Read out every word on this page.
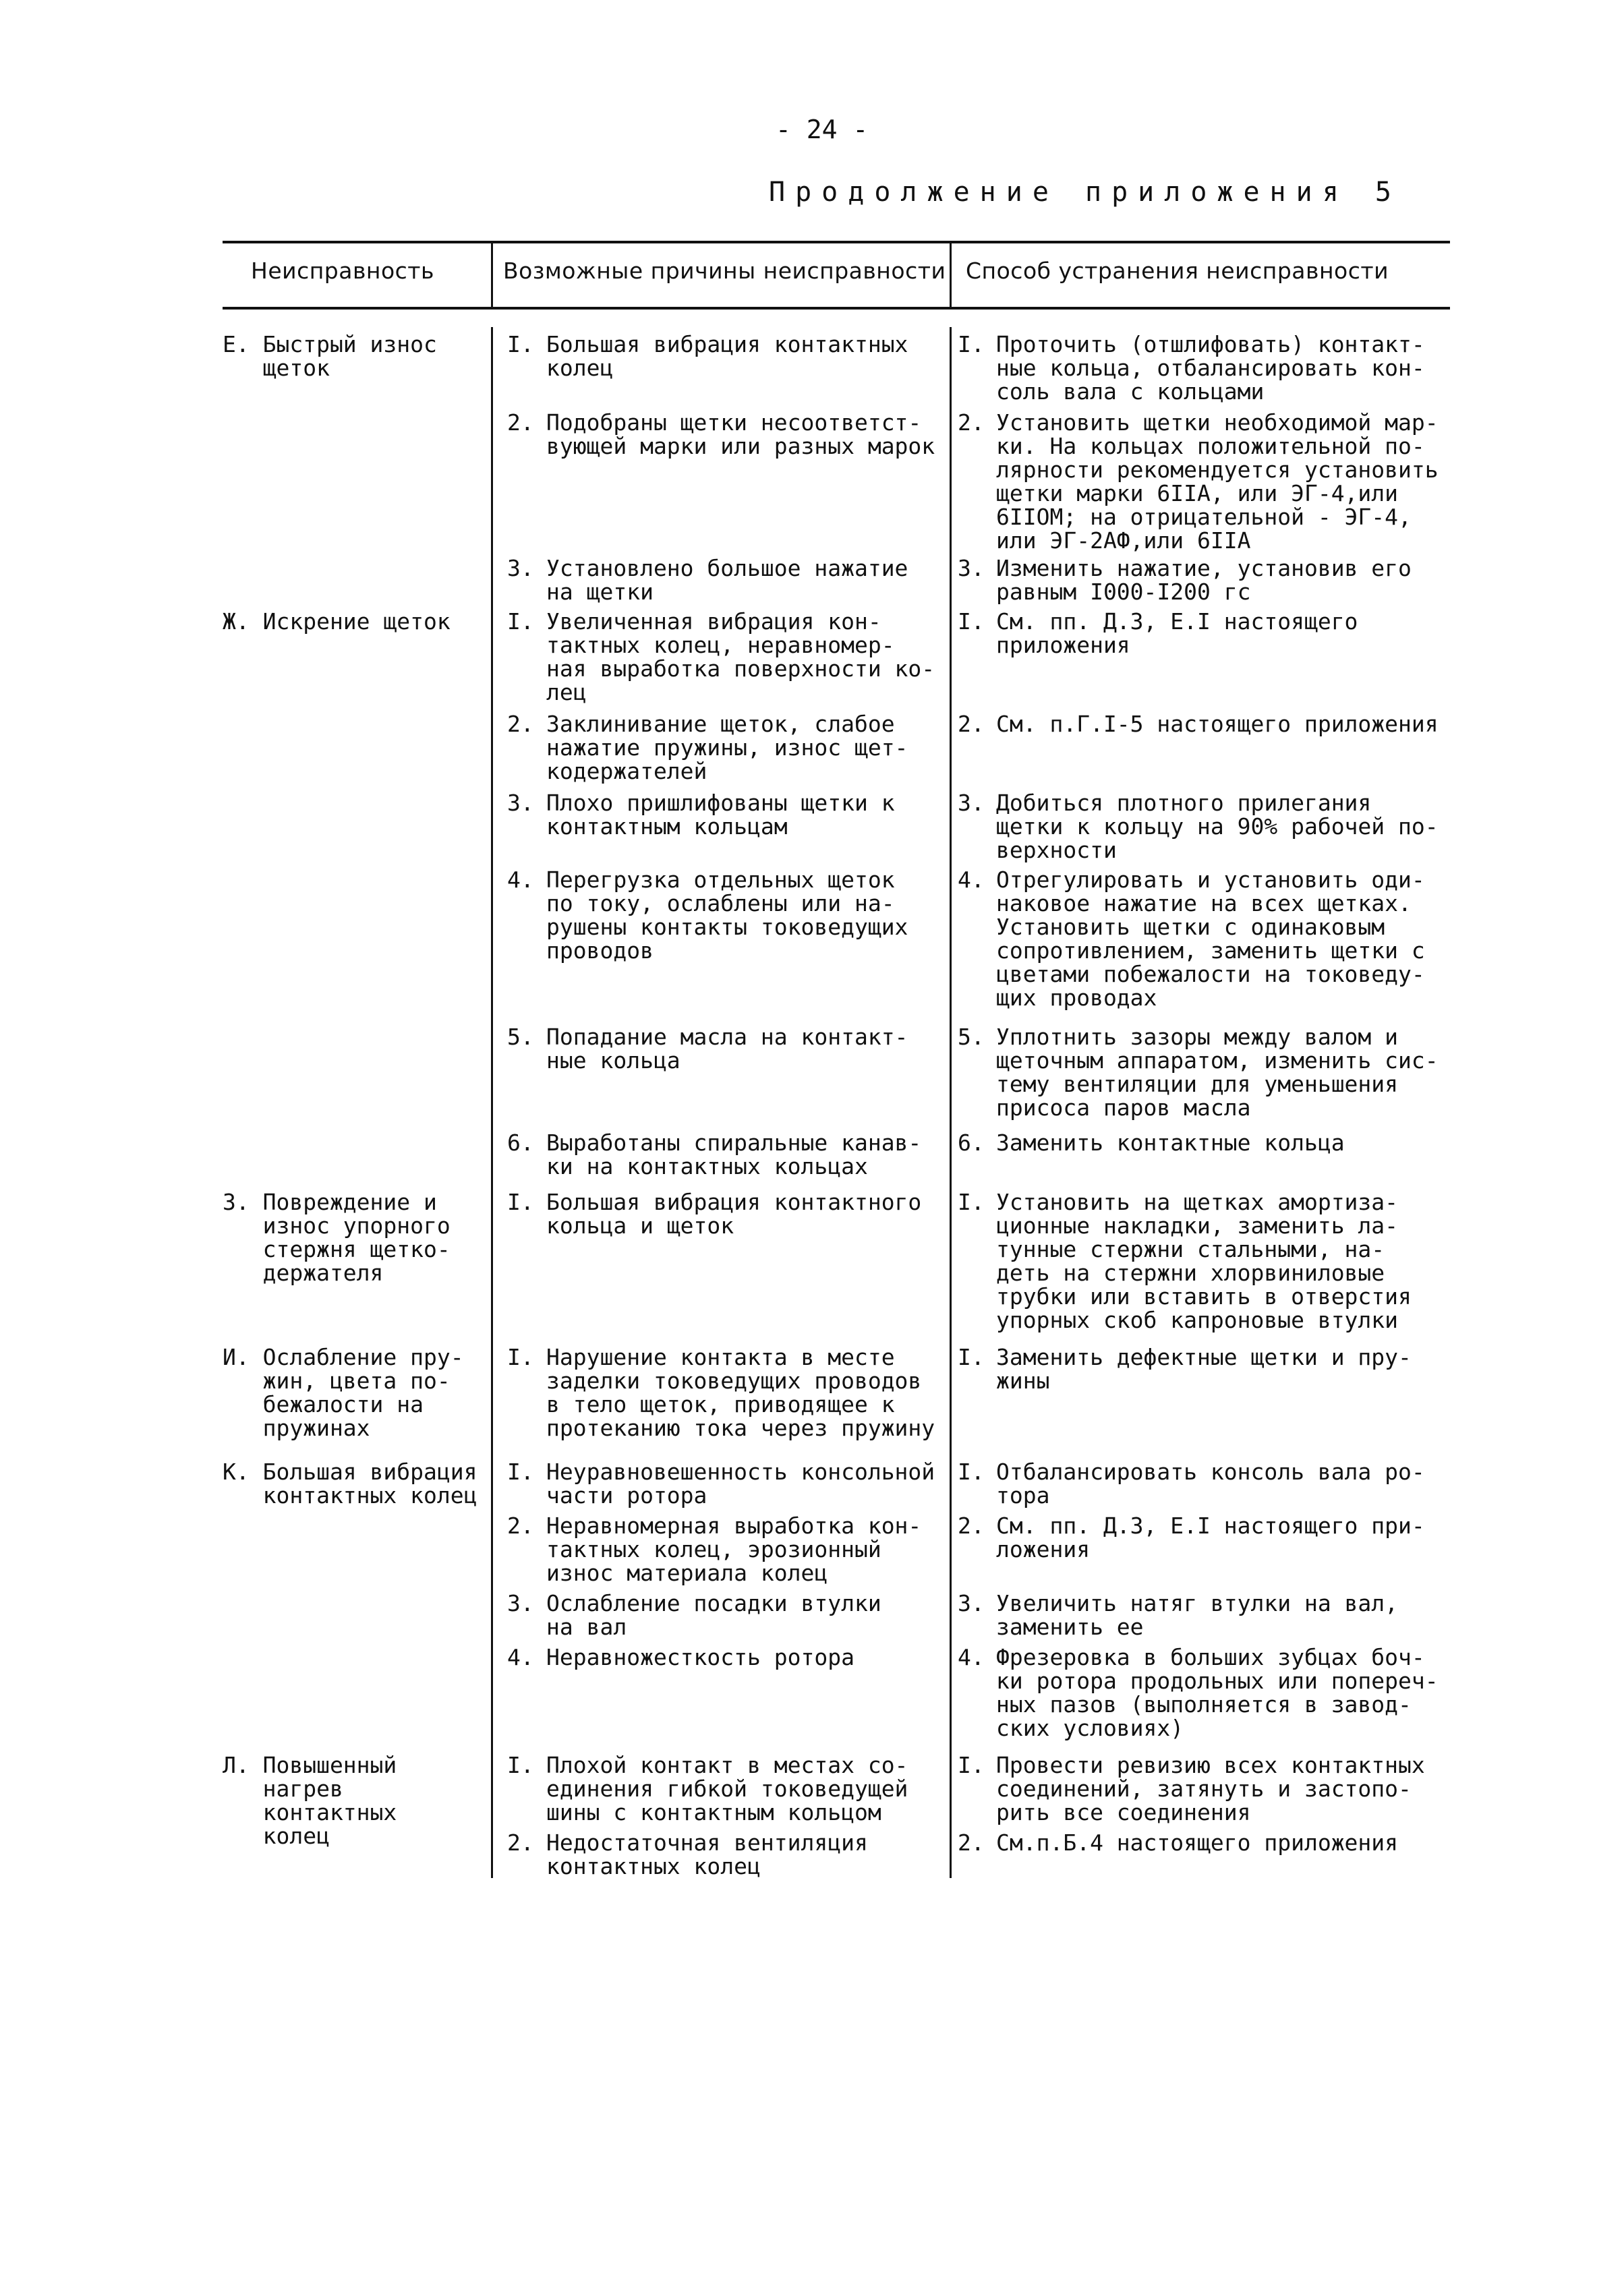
- 24 -
Продолжение приложения 5
Неисправность	Возможные причины неисправности Способ устранения неисправности
Е. Быстрый износ
щеток
Ж. Искрение щеток
З. Повреждение и
износ упорного
стержня щетко-
держателя
И. Ослабление пру-
жин, цвета по-
бежалости на
пружинах
К. Большая вибрация
контактных колец
Л. Повышенный
нагрев
контактных
колец
I. Большая вибрация контактных
колец
I. Проточить (отшлифовать) контакт-
ные кольца, отбалансировать кон-
соль вала с кольцами
2. Подобраны щетки несоответст-
вующей марки или разных марок
2. Установить щетки необходимой мар-
ки. На кольцах положительной по-
лярности рекомендуется установить
щетки марки 6IIA, или ЭГ-4,или
6IIOM; на отрицательной - ЭГ-4,
или ЭГ-2АФ,или 6IIA
3. Установлено большое нажатие
на щетки
3. Изменить нажатие, установив его
равным I000-I200 гс
I. Увеличенная вибрация кон-
тактных колец, неравномер-
ная выработка поверхности ко-
лец
I. См. пп. Д.3, Е.I настоящего
приложения
2. Заклинивание щеток, слабое
нажатие пружины, износ щет-
кодержателей
2. См. п.Г.I-5 настоящего приложения
3. Плохо пришлифованы щетки к
контактным кольцам
3. Добиться плотного прилегания
щетки к кольцу на 90% рабочей по-
верхности
4. Перегрузка отдельных щеток
по току, ослаблены или на-
рушены контакты токоведущих
проводов
4. Отрегулировать и установить оди-
наковое нажатие на всех щетках.
Установить щетки с одинаковым
сопротивлением, заменить щетки с
цветами побежалости на токоведу-
щих проводах
5. Попадание масла на контакт-
ные кольца
5. Уплотнить зазоры между валом и
щеточным аппаратом, изменить сис-
тему вентиляции для уменьшения
присоса паров масла
6. Выработаны спиральные канав-
ки на контактных кольцах
6. Заменить контактные кольца
I. Большая вибрация контактного
кольца и щеток
I. Установить на щетках амортиза-
ционные накладки, заменить ла-
тунные стержни стальными, на-
деть на стержни хлорвиниловые
трубки или вставить в отверстия
упорных скоб капроновые втулки
I. Нарушение контакта в месте
заделки токоведущих проводов
в тело щеток, приводящее к
протеканию тока через пружину
I. Заменить дефектные щетки и пру-
жины
I. Неуравновешенность консольной
части ротора
I. Отбалансировать консоль вала ро-
тора
2. Неравномерная выработка кон-
тактных колец, эрозионный
износ материала колец
2. См. пп. Д.3, Е.I настоящего при-
ложения
3. Ослабление посадки втулки
на вал
3. Увеличить натяг втулки на вал,
заменить ее
4. Неравножесткость ротора	4. Фрезеровка в больших зубцах боч-
ки ротора продольных или попереч-
ных пазов (выполняется в завод-
ских условиях)
I. Плохой контакт в местах со-
единения гибкой токоведущей
шины с контактным кольцом
I. Провести ревизию всех контактных
соединений, затянуть и застопо-
рить все соединения
2. Недостаточная вентиляция
контактных колец
2. См.п.Б.4 настоящего приложения
